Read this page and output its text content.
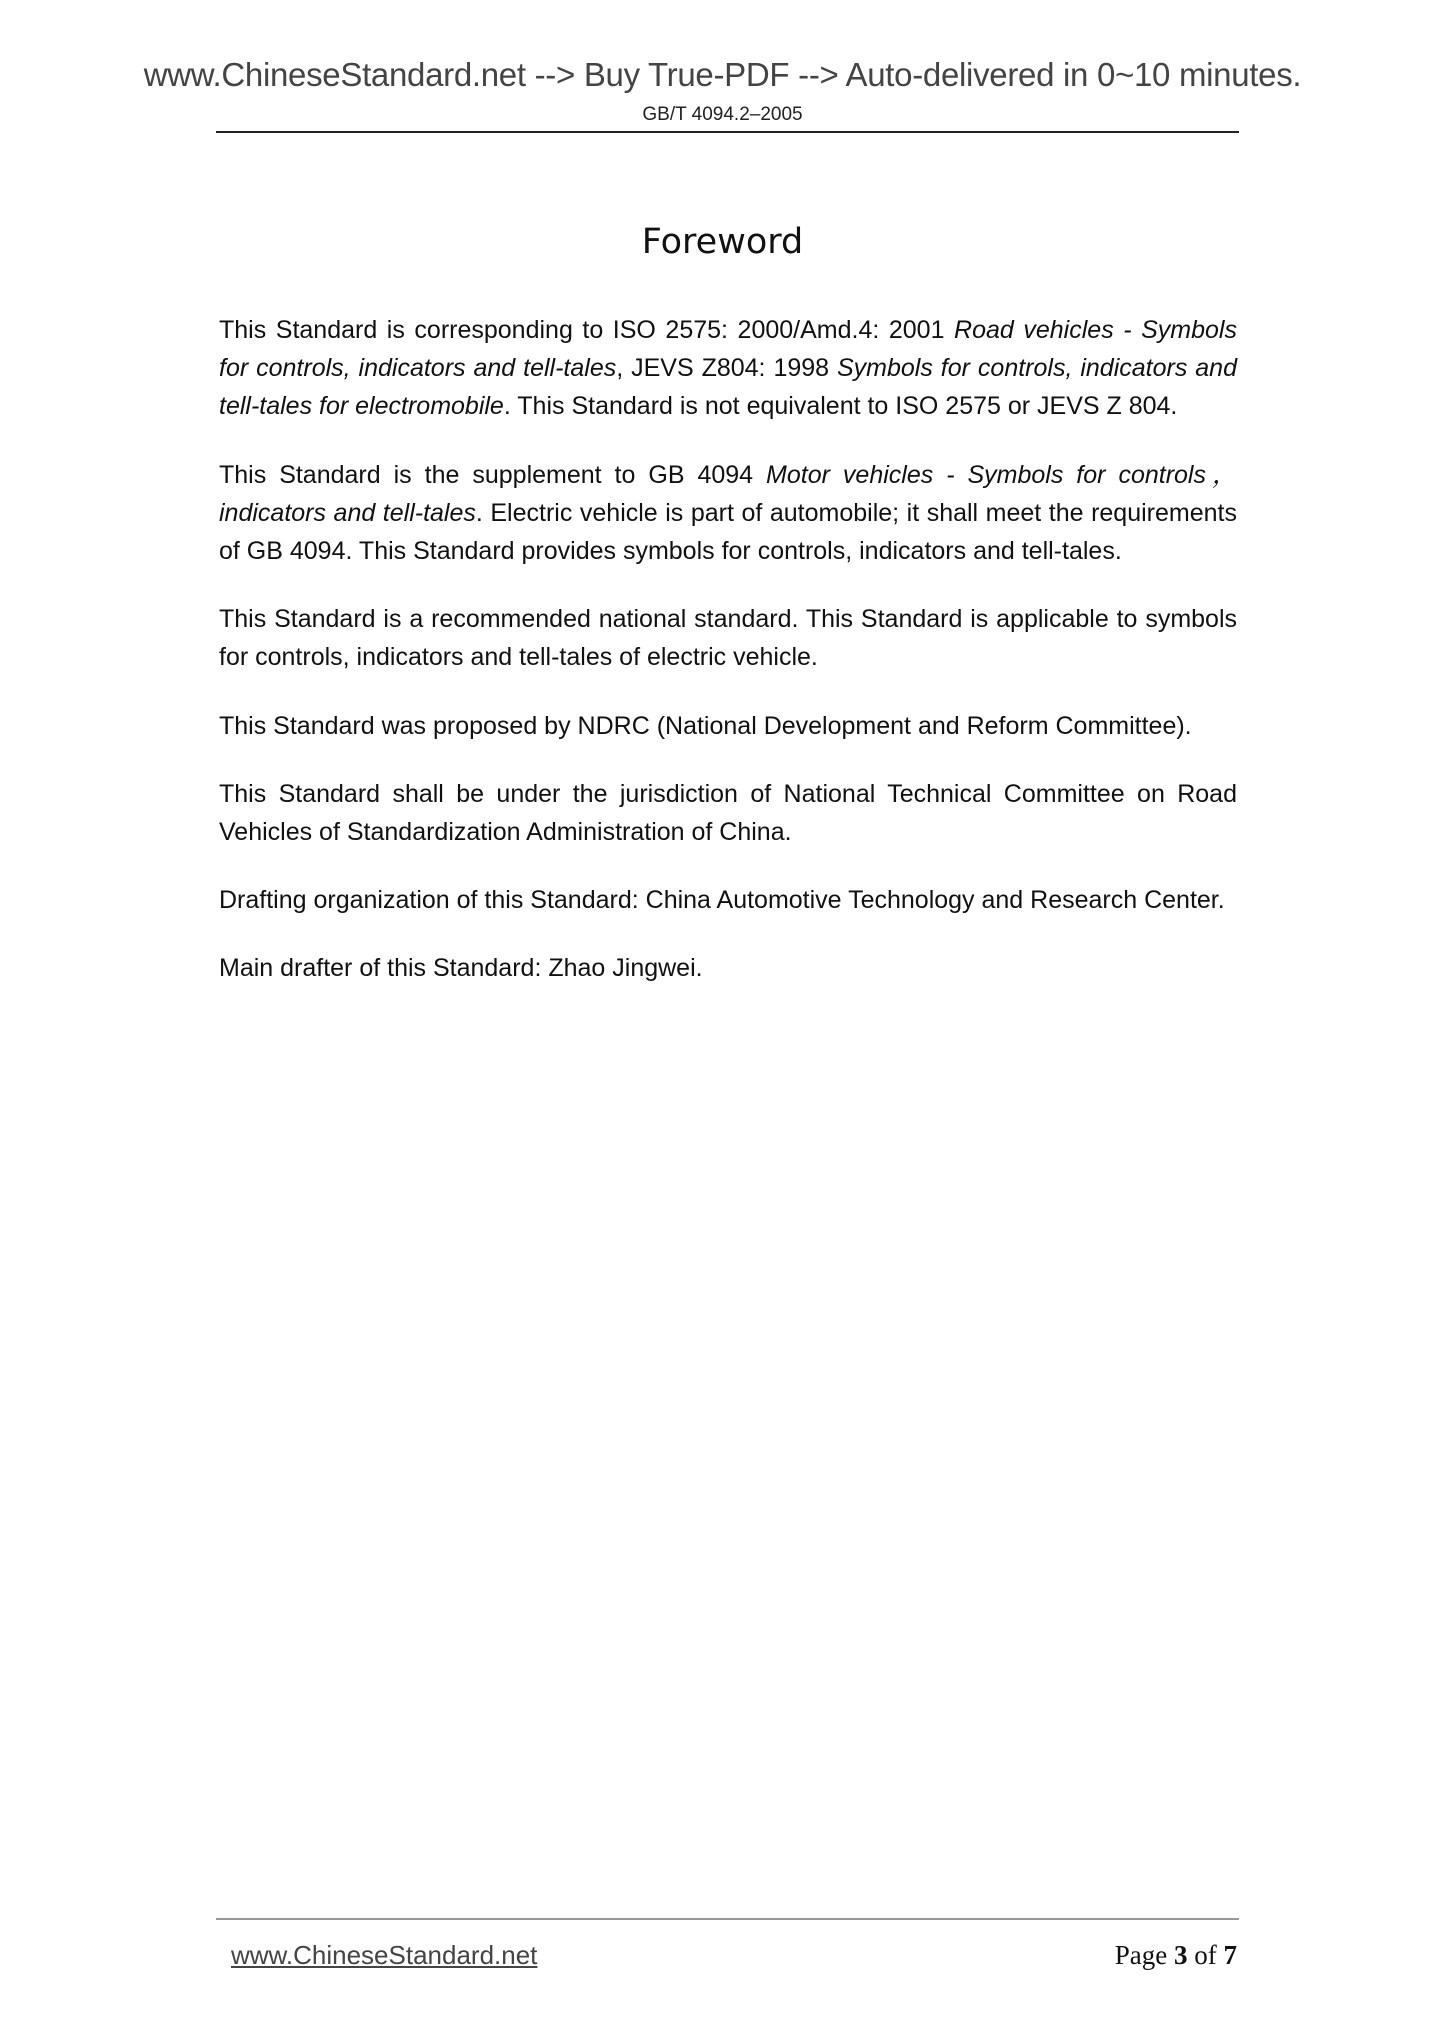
www.ChineseStandard.net --> Buy True-PDF --> Auto-delivered in 0~10 minutes.
GB/T 4094.2–2005
Foreword

This Standard is corresponding to ISO 2575: 2000/Amd.4: 2001 Road vehicles - Symbols for controls, indicators and tell-tales, JEVS Z804: 1998 Symbols for controls, indicators and tell-tales for electromobile. This Standard is not equivalent to ISO 2575 or JEVS Z 804.

This Standard is the supplement to GB 4094 Motor vehicles - Symbols for controls，indicators and tell-tales. Electric vehicle is part of automobile; it shall meet the requirements of GB 4094. This Standard provides symbols for controls, indicators and tell-tales.

This Standard is a recommended national standard. This Standard is applicable to symbols for controls, indicators and tell-tales of electric vehicle.

This Standard was proposed by NDRC (National Development and Reform Committee).

This Standard shall be under the jurisdiction of National Technical Committee on Road Vehicles of Standardization Administration of China.

Drafting organization of this Standard: China Automotive Technology and Research Center.

Main drafter of this Standard: Zhao Jingwei.

www.ChineseStandard.net	Page 3 of 7
